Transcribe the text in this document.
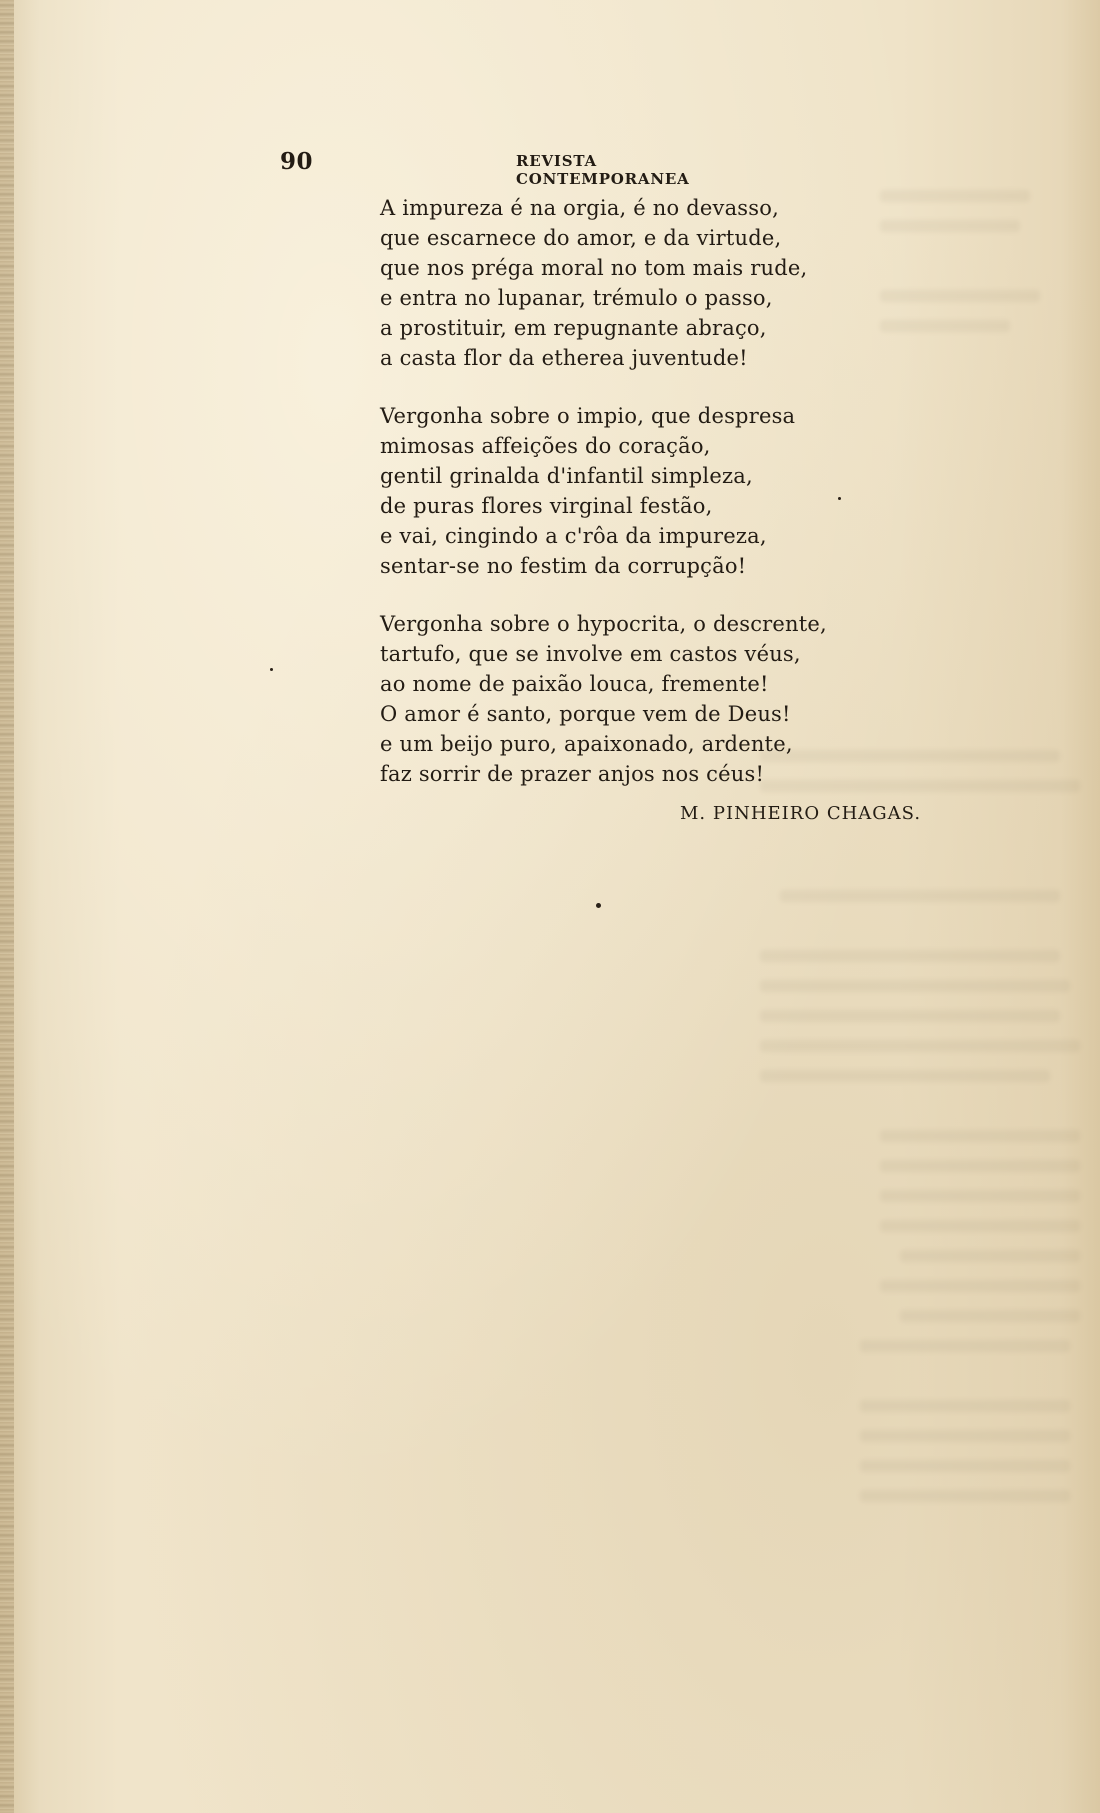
90	REVISTA CONTEMPORANEA
A impureza é na orgia, é no devasso,
que escarnece do amor, e da virtude,
que nos préga moral no tom mais rude,
e entra no lupanar, trémulo o passo,
a prostituir, em repugnante abraço,
a casta flor da etherea juventude!
Vergonha sobre o impio, que despresa
mimosas affeições do coração,
gentil grinalda d'infantil simpleza,
de puras flores virginal festão,
e vai, cingindo a c'rôa da impureza,
sentar-se no festim da corrupção!
Vergonha sobre o hypocrita, o descrente,
tartufo, que se involve em castos véus,
ao nome de paixão louca, fremente!
O amor é santo, porque vem de Deus!
e um beijo puro, apaixonado, ardente,
faz sorrir de prazer anjos nos céus!
M. PINHEIRO CHAGAS.
